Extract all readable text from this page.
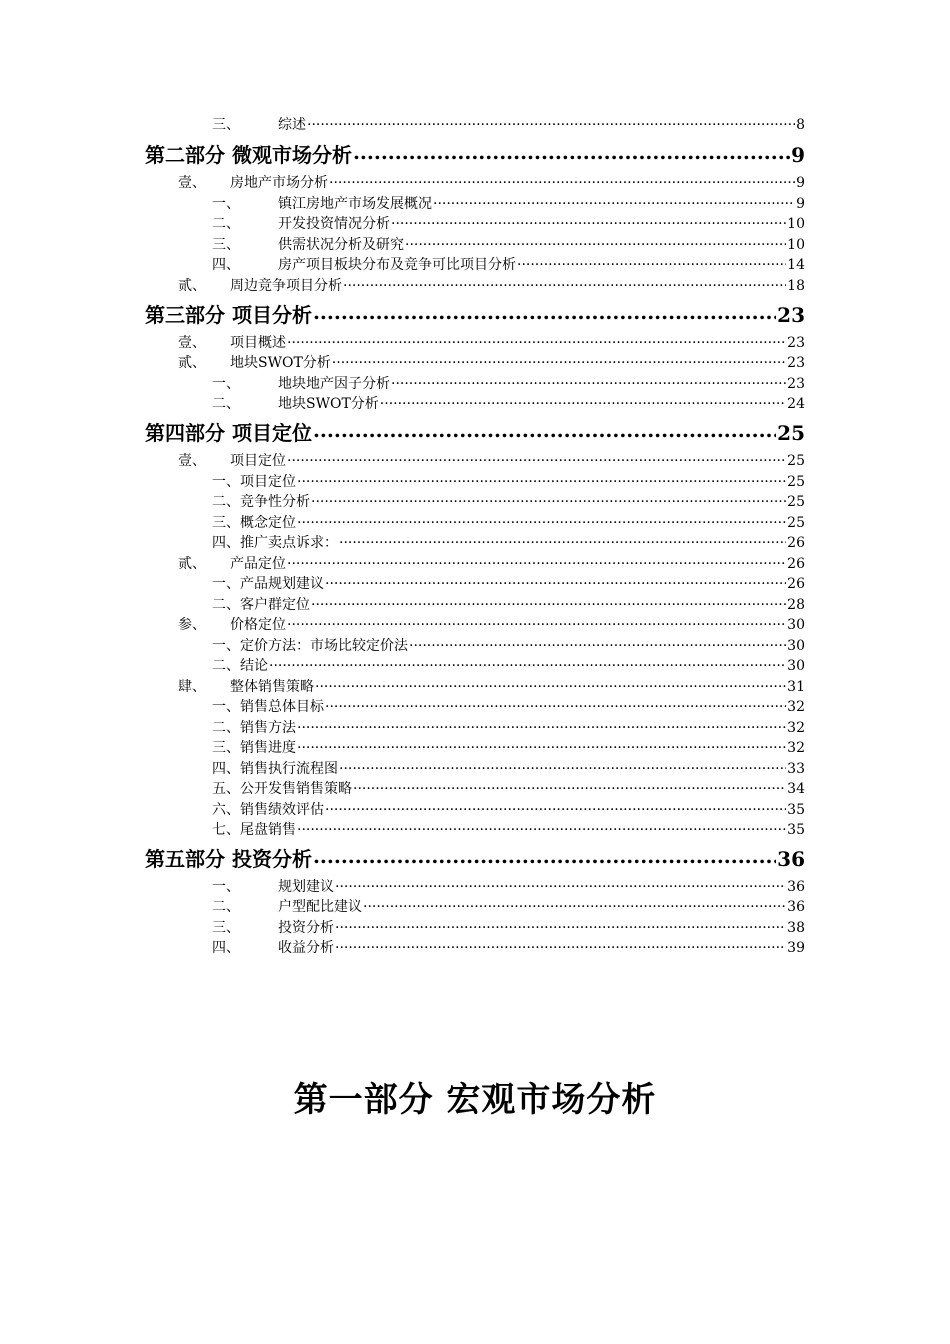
三、	综述 .....	8
第二部分 微观市场分析 .....	9
壹、	房地产市场分析 .....	9
一、	镇江房地产市场发展概况 .....	9
二、	开发投资情况分析 .....	10
三、	供需状况分析及研究 .....	10
四、	房产项目板块分布及竞争可比项目分析 .....	14
贰、	周边竞争项目分析 .....	18
第三部分 项目分析 .....	23
壹、	项目概述 .....	23
贰、	地块SWOT分析 .....	23
一、	地块地产因子分析 .....	23
二、	地块SWOT分析 .....	24
第四部分 项目定位 .....	25
壹、	项目定位 .....	25
一、项目定位 .....	25
二、竞争性分析 .....	25
三、概念定位 .....	25
四、推广卖点诉求： .....	26
贰、	产品定位 .....	26
一、产品规划建议 .....	26
二、客户群定位 .....	28
参、	价格定位 .....	30
一、定价方法：市场比较定价法 .....	30
二、结论 .....	30
肆、	整体销售策略 .....	31
一、销售总体目标 .....	32
二、销售方法 .....	32
三、销售进度 .....	32
四、销售执行流程图 .....	33
五、公开发售销售策略 .....	34
六、销售绩效评估 .....	35
七、尾盘销售 .....	35
第五部分 投资分析 .....	36
一、	规划建议 .....	36
二、	户型配比建议 .....	36
三、	投资分析 .....	38
四、	收益分析 .....	39
第一部分 宏观市场分析
